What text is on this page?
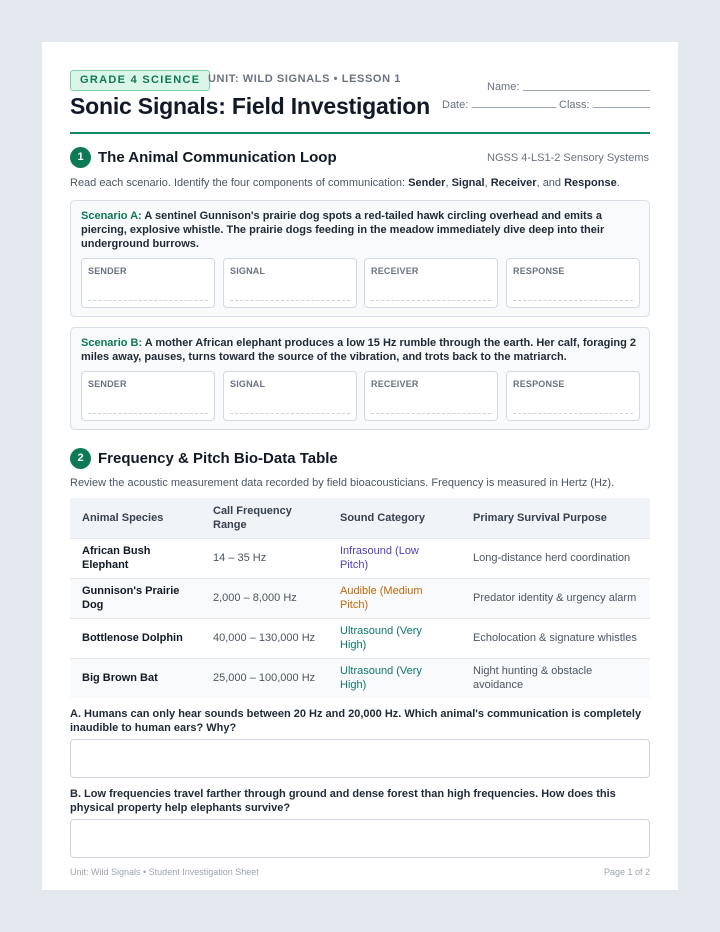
GRADE 4 SCIENCE UNIT: WILD SIGNALS • LESSON 1
Sonic Signals: Field Investigation
Name:
Date:	Class:
1 The Animal Communication Loop	NGSS 4-LS1-2 Sensory Systems
Read each scenario. Identify the four components of communication: Sender, Signal, Receiver, and Response.
Scenario A: A sentinel Gunnison's prairie dog spots a red-tailed hawk circling overhead and emits a piercing, explosive whistle. The prairie dogs feeding in the meadow immediately dive deep into their underground burrows.
SENDER	SIGNAL	RECEIVER	RESPONSE
Scenario B: A mother African elephant produces a low 15 Hz rumble through the earth. Her calf, foraging 2 miles away, pauses, turns toward the source of the vibration, and trots back to the matriarch.
SENDER	SIGNAL	RECEIVER	RESPONSE
2 Frequency & Pitch Bio-Data Table
Review the acoustic measurement data recorded by field bioacousticians. Frequency is measured in Hertz (Hz).
Animal Species	Call Frequency Range	Sound Category	Primary Survival Purpose
African Bush Elephant	14 – 35 Hz	Infrasound (Low Pitch)	Long-distance herd coordination
Gunnison's Prairie Dog	2,000 – 8,000 Hz	Audible (Medium Pitch)	Predator identity & urgency alarm
Bottlenose Dolphin	40,000 – 130,000 Hz	Ultrasound (Very High)	Echolocation & signature whistles
Big Brown Bat	25,000 – 100,000 Hz	Ultrasound (Very High)	Night hunting & obstacle avoidance
A. Humans can only hear sounds between 20 Hz and 20,000 Hz. Which animal's communication is completely inaudible to human ears? Why?
B. Low frequencies travel farther through ground and dense forest than high frequencies. How does this physical property help elephants survive?
Unit: Wild Signals • Student Investigation Sheet	Page 1 of 2
